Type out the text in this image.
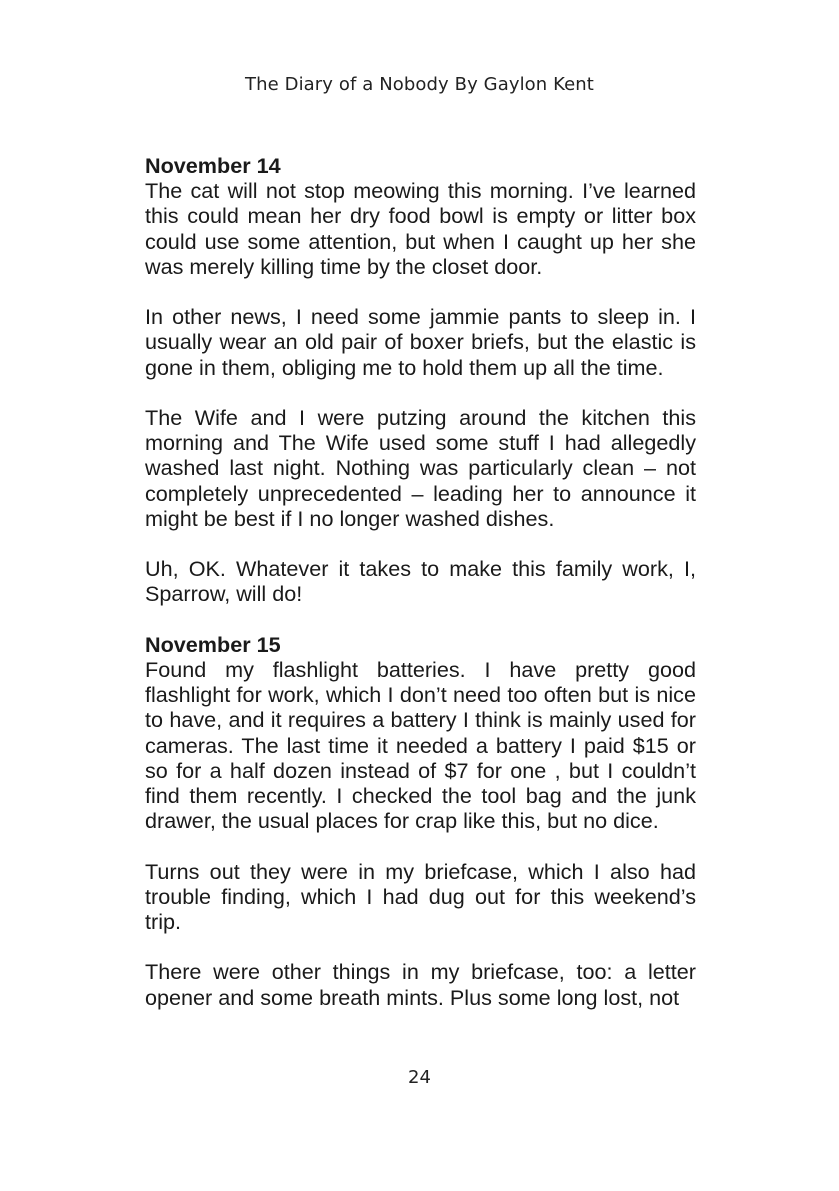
The Diary of a Nobody By Gaylon Kent

November 14

The cat will not stop meowing this morning. I’ve learned this could mean her dry food bowl is empty or litter box could use some attention, but when I caught up her she was merely killing time by the closet door.

In other news, I need some jammie pants to sleep in. I usually wear an old pair of boxer briefs, but the elastic is gone in them, obliging me to hold them up all the time.

The Wife and I were putzing around the kitchen this morning and The Wife used some stuff I had allegedly washed last night. Nothing was particularly clean – not completely unprecedented – leading her to announce it might be best if I no longer washed dishes.

Uh, OK. Whatever it takes to make this family work, I, Sparrow, will do!

November 15

Found my flashlight batteries. I have pretty good flashlight for work, which I don’t need too often but is nice to have, and it requires a battery I think is mainly used for cameras. The last time it needed a battery I paid $15 or so for a half dozen instead of $7 for one , but I couldn’t find them recently. I checked the tool bag and the junk drawer, the usual places for crap like this, but no dice.

Turns out they were in my briefcase, which I also had trouble finding, which I had dug out for this weekend’s trip.

There were other things in my briefcase, too: a letter opener and some breath mints. Plus some long lost, not

24
